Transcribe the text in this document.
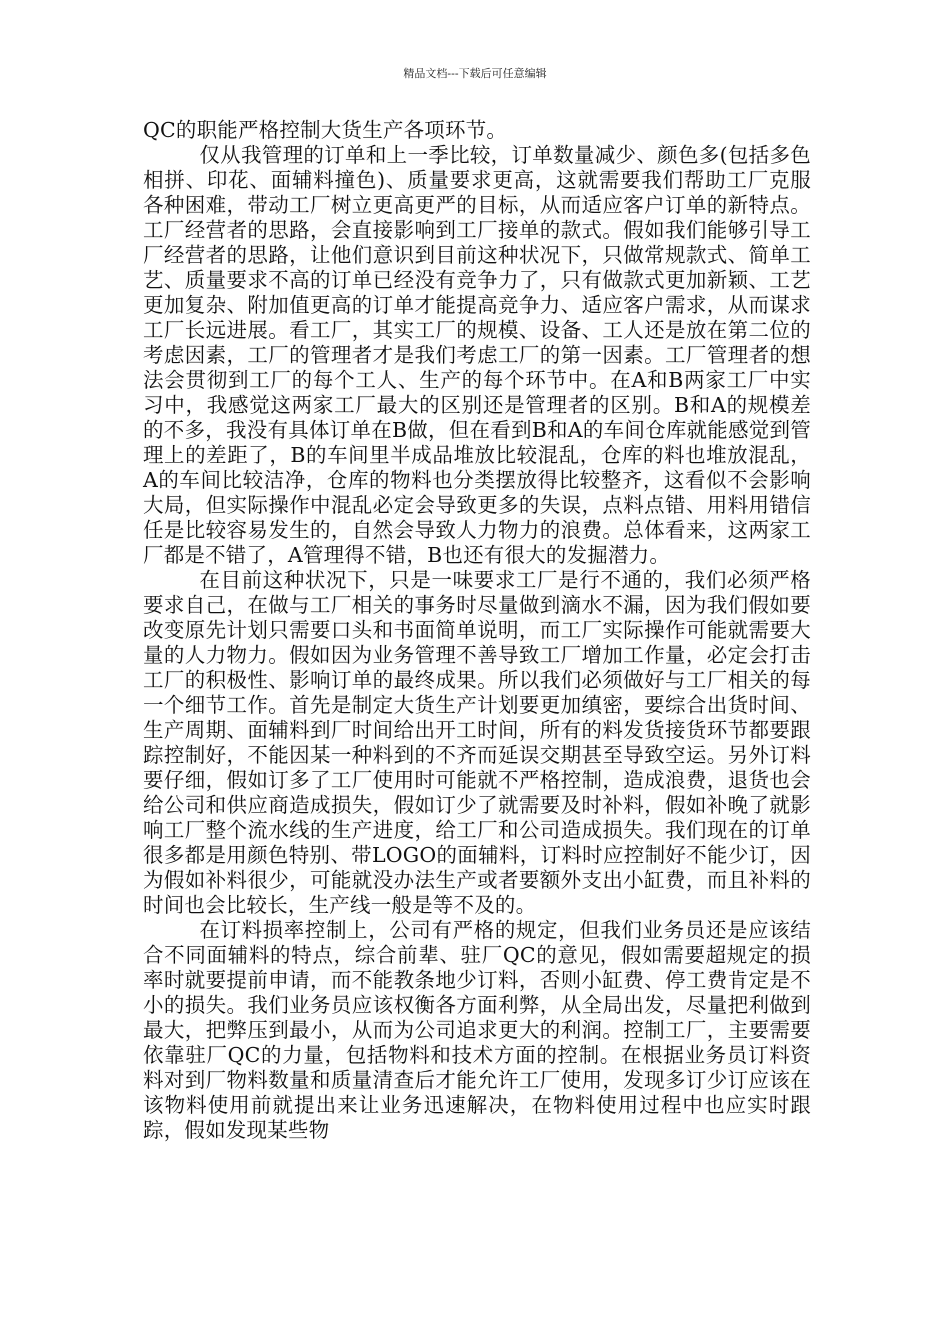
精品文档---下载后可任意编辑

QC的职能严格控制大货生产各项环节。

仅从我管理的订单和上一季比较，订单数量减少、颜色多(包括多色相拼、印花、面辅料撞色)、质量要求更高，这就需要我们帮助工厂克服各种困难，带动工厂树立更高更严的目标，从而适应客户订单的新特点。工厂经营者的思路，会直接影响到工厂接单的款式。假如我们能够引导工厂经营者的思路，让他们意识到目前这种状况下，只做常规款式、简单工艺、质量要求不高的订单已经没有竞争力了，只有做款式更加新颖、工艺更加复杂、附加值更高的订单才能提高竞争力、适应客户需求，从而谋求工厂长远进展。看工厂，其实工厂的规模、设备、工人还是放在第二位的考虑因素，工厂的管理者才是我们考虑工厂的第一因素。工厂管理者的想法会贯彻到工厂的每个工人、生产的每个环节中。在A和B两家工厂中实习中，我感觉这两家工厂最大的区别还是管理者的区别。B和A的规模差的不多，我没有具体订单在B做，但在看到B和A的车间仓库就能感觉到管理上的差距了，B的车间里半成品堆放比较混乱，仓库的料也堆放混乱，A的车间比较洁净，仓库的物料也分类摆放得比较整齐，这看似不会影响大局，但实际操作中混乱必定会导致更多的失误，点料点错、用料用错信任是比较容易发生的，自然会导致人力物力的浪费。总体看来，这两家工厂都是不错了，A管理得不错，B也还有很大的发掘潜力。

在目前这种状况下，只是一味要求工厂是行不通的，我们必须严格要求自己，在做与工厂相关的事务时尽量做到滴水不漏，因为我们假如要改变原先计划只需要口头和书面简单说明，而工厂实际操作可能就需要大量的人力物力。假如因为业务管理不善导致工厂增加工作量，必定会打击工厂的积极性、影响订单的最终成果。所以我们必须做好与工厂相关的每一个细节工作。首先是制定大货生产计划要更加缜密，要综合出货时间、生产周期、面辅料到厂时间给出开工时间，所有的料发货接货环节都要跟踪控制好，不能因某一种料到的不齐而延误交期甚至导致空运。另外订料要仔细，假如订多了工厂使用时可能就不严格控制，造成浪费，退货也会给公司和供应商造成损失，假如订少了就需要及时补料，假如补晚了就影响工厂整个流水线的生产进度，给工厂和公司造成损失。我们现在的订单很多都是用颜色特别、带LOGO的面辅料，订料时应控制好不能少订，因为假如补料很少，可能就没办法生产或者要额外支出小缸费，而且补料的时间也会比较长，生产线一般是等不及的。

在订料损率控制上，公司有严格的规定，但我们业务员还是应该结合不同面辅料的特点，综合前辈、驻厂QC的意见，假如需要超规定的损率时就要提前申请，而不能教条地少订料，否则小缸费、停工费肯定是不小的损失。我们业务员应该权衡各方面利弊，从全局出发，尽量把利做到最大，把弊压到最小，从而为公司追求更大的利润。控制工厂，主要需要依靠驻厂QC的力量，包括物料和技术方面的控制。在根据业务员订料资料对到厂物料数量和质量清查后才能允许工厂使用，发现多订少订应该在该物料使用前就提出来让业务迅速解决，在物料使用过程中也应实时跟踪，假如发现某些物
